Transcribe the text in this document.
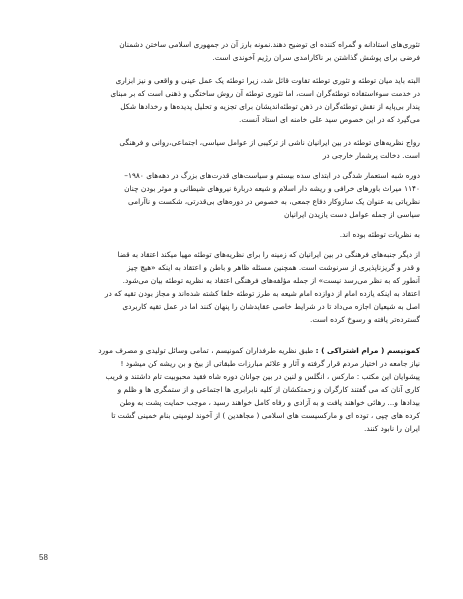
تئوری‌های استادانه و گمراه کننده ای توضیح دهند.نمونه بارز آن در جمهوری اسلامی ساختن دشمنان
فرضی برای پوشش گذاشتن بر ناکارامدی سران رژیم آخوندی است.

البته باید میان توطئه و تئوری توطئه تفاوت قائل شد، زیرا توطئه یک عمل عینی و واقعی و نیز ابزاری
در خدمت سوءاستفاده توطئه‌گران است، اما تئوری توطئه آن روش ساختگی و ذهنی است که بر مبنای
پندار بی‌پایه از نقش توطئه‌گران در ذهن توطئه‌اندیشان برای تجزیه و تحلیل پدیده‌ها و رخدادها شکل
می‌گیرد که در این خصوص سید علی خامنه ای استاد آنست.

رواج نظریه‌های توطئه در بین ایرانیان ناشی از ترکیبی از عوامل سیاسی، اجتماعی،روانی و فرهنگی
است. دخالت پرشمار خارجی در

دوره شبه استعمار شدگی در ابتدای سده بیستم و سیاست‌های قدرت‌های بزرگ در دهه‌های ۱۹۸۰–
۱۱۴۰ میراث باورهای خرافی و ریشه دار اسلام و شیعه دربارهٔ نیروهای شیطانی و موثر بودن چنان
نظریاتی به عنوان یک سازوکار دفاع جمعی، به خصوص در دوره‌های بی‌قدرتی، شکست و ناآرامی
سیاسی از جمله عوامل دست یازیدن ایرانیان

به نظریات توطئه بوده اند.

از دیگر جنبه‌های فرهنگی در بین ایرانیان که زمینه را برای نظریه‌های توطئه مهیا میکند اعتقاد به قضا
و قدر و گریزناپذیری از سرنوشت است. همچنین مسئله ظاهر و باطن و اعتقاد به اینکه «هیچ چیز
آنطور که به نظر می‌رسد نیست» از جمله مؤلفه‌های فرهنگی اعتقاد به نظریه توطئه بیان می‌شود.
اعتقاد به اینکه یازده امام از دوازده امام شیعه به طرز توطئه خلفا کشته شده‌اند و مجاز بودن تقیه که در
اصل به شیعیان اجازه می‌داد تا در شرایط خاصی عقایدشان را پنهان کنند اما در عمل تقیه کاربردی
گسترده‌تر یافته و رسوخ کرده است.

کمونیسم ( مرام اشتراکی ) : طبق نظریه طرفداران کمونیسم ، تمامی وسائل تولیدی و مصرف مورد
نیاز جامعه در اختیار مردم قرار گرفته و آثار و علائم مبارزات طبقاتی از بیخ و بن ریشه کن میشود !
پیشوایان این مکتب : مارکس ، انگلس و لنین در بین جوانان دوره شاه فقید محبوبیت تام داشتند و فریب
کاری آنان که می گفتند کارگران و زحمتکشان از کلیه نابرابری ها اجتماعی و از ستمگری ها و ظلم و
بیدادها و... رهائی خواهند یافت و به آزادی و رفاه کامل خواهند رسید ، موجب حمایت پشت به وطن
کرده های چپی ، توده ای و مارکسیست های اسلامی ( مجاهدین ) از آخوند لومپنی بنام خمینی گشت تا
ایران را نابود کنند.

58
